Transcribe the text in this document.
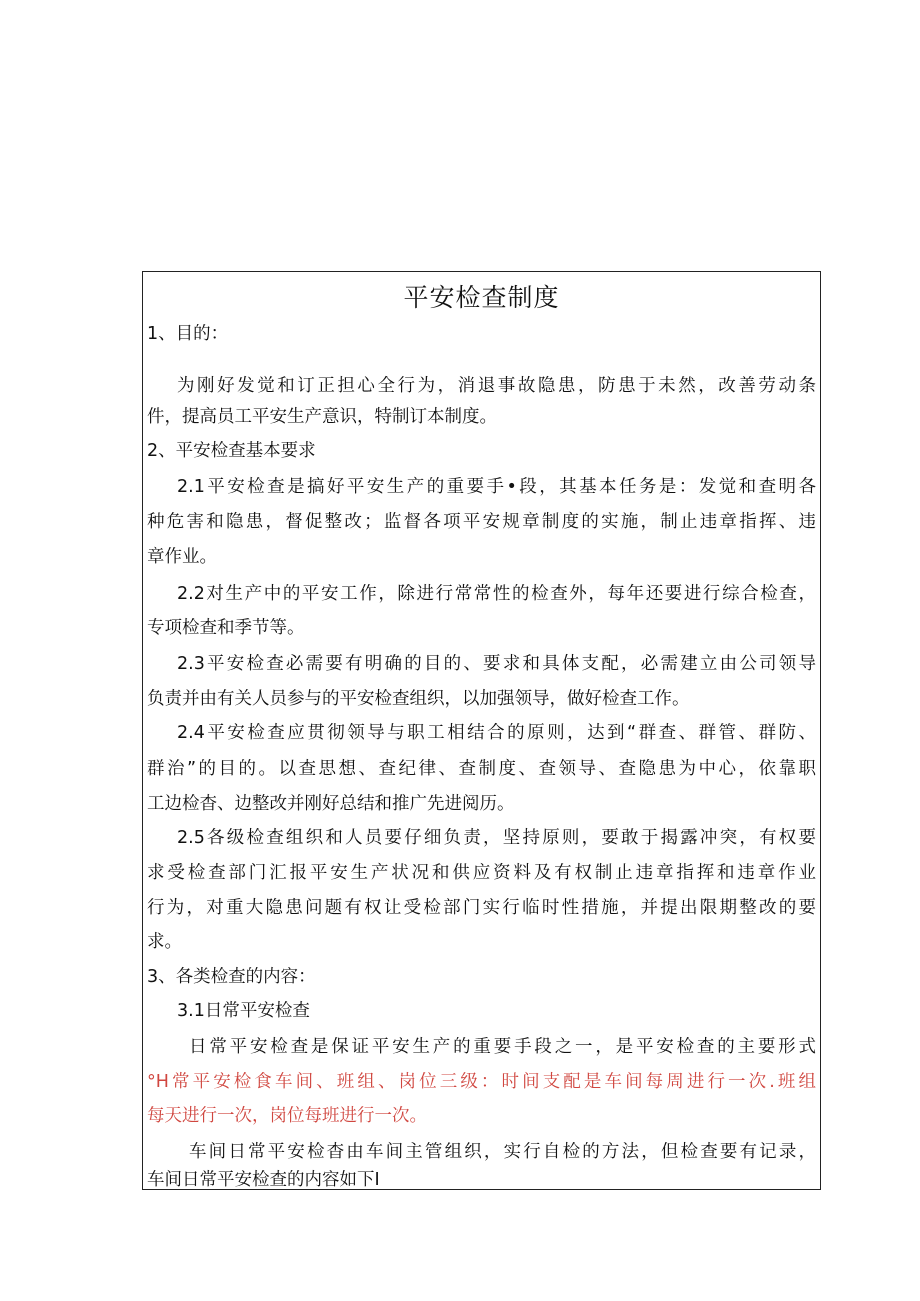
平安检查制度
1、目的：
为刚好发觉和订正担心全行为，消退事故隐患，防患于未然，改善劳动条
件，提高员工平安生产意识，特制订本制度。
2、平安检查基本要求
2.1平安检查是搞好平安生产的重要手•段，其基本任务是：发觉和查明各
种危害和隐患，督促整改；监督各项平安规章制度的实施，制止违章指挥、违
章作业。
2.2对生产中的平安工作，除进行常常性的检查外，每年还要进行综合检查，
专项检查和季节等。
2.3平安检查必需要有明确的目的、要求和具体支配，必需建立由公司领导
负责并由有关人员参与的平安检查组织，以加强领导，做好检查工作。
2.4平安检查应贯彻领导与职工相结合的原则，达到“群查、群管、群防、
群治”的目的。以查思想、查纪律、查制度、查领导、查隐患为中心，依靠职
工边检杳、边整改并刚好总结和推广先进阅历。
2.5各级检查组织和人员要仔细负责，坚持原则，要敢于揭露冲突，有权要
求受检查部门汇报平安生产状况和供应资料及有权制止违章指挥和违章作业
行为，对重大隐患问题有权让受检部门实行临时性措施，并提出限期整改的要
求。
3、各类检查的内容：
3.1日常平安检查
日常平安检查是保证平安生产的重要手段之一，是平安检查的主要形式
°H常平安检食车间、班组、岗位三级：时间支配是车间每周进行一次.班组
每天进行一次，岗位每班进行一次。
车间日常平安检杳由车间主管组织，实行自检的方法，但检查要有记录，
车间日常平安检查的内容如下I
